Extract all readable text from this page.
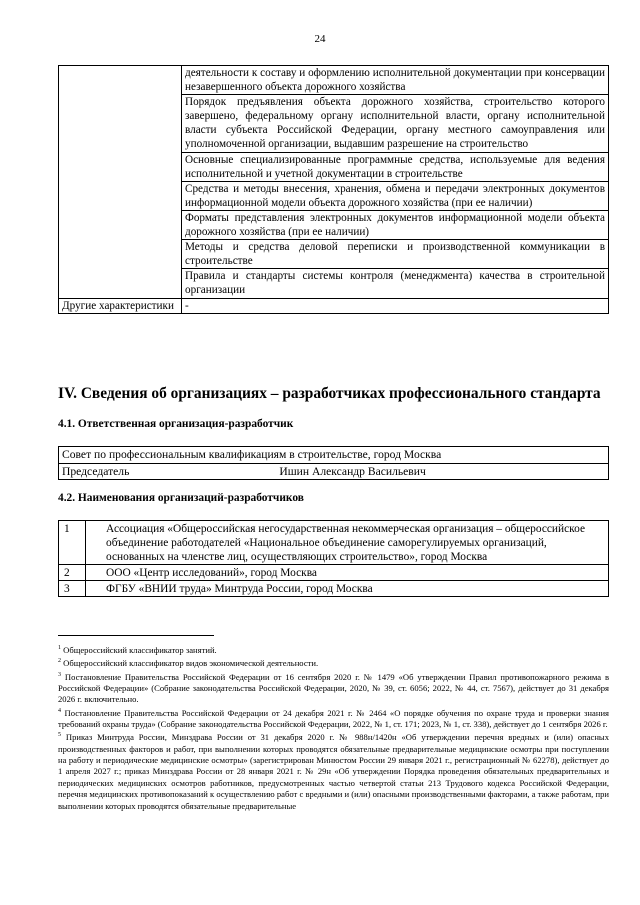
24
	деятельности к составу и оформлению исполнительной документации при консервации незавершенного объекта дорожного хозяйства
	Порядок предъявления объекта дорожного хозяйства, строительство которого завершено, федеральному органу исполнительной власти, органу исполнительной власти субъекта Российской Федерации, органу местного самоуправления или уполномоченной организации, выдавшим разрешение на строительство
	Основные специализированные программные средства, используемые для ведения исполнительной и учетной документации в строительстве
	Средства и методы внесения, хранения, обмена и передачи электронных документов информационной модели объекта дорожного хозяйства (при ее наличии)
	Форматы представления электронных документов информационной модели объекта дорожного хозяйства (при ее наличии)
	Методы и средства деловой переписки и производственной коммуникации в строительстве
	Правила и стандарты системы контроля (менеджмента) качества в строительной организации
Другие характеристики	-
IV. Сведения об организациях – разработчиках профессионального стандарта
4.1. Ответственная организация-разработчик
Совет по профессиональным квалификациям в строительстве, город Москва
Председатель	Ишин Александр Васильевич
4.2. Наименования организаций-разработчиков
1	Ассоциация «Общероссийская негосударственная некоммерческая организация – общероссийское объединение работодателей «Национальное объединение саморегулируемых организаций, основанных на членстве лиц, осуществляющих строительство», город Москва
2	ООО «Центр исследований», город Москва
3	ФГБУ «ВНИИ труда» Минтруда России, город Москва

$^1$ Общероссийский классификатор занятий.

$^2$ Общероссийский классификатор видов экономической деятельности.

$^3$ Постановление Правительства Российской Федерации от 16 сентября 2020 г. № 1479 «Об утверждении Правил противопожарного режима в Российской Федерации» (Собрание законодательства Российской Федерации, 2020, № 39, ст. 6056; 2022, № 44, ст. 7567), действует до 31 декабря 2026 г. включительно.

$^4$ Постановление Правительства Российской Федерации от 24 декабря 2021 г. № 2464 «О порядке обучения по охране труда и проверки знания требований охраны труда» (Собрание законодательства Российской Федерации, 2022, № 1, ст. 171; 2023, № 1, ст. 338), действует до 1 сентября 2026 г.

$^5$ Приказ Минтруда России, Минздрава России от 31 декабря 2020 г. № 988н/1420н «Об утверждении перечня вредных и (или) опасных производственных факторов и работ, при выполнении которых проводятся обязательные предварительные медицинские осмотры при поступлении на работу и периодические медицинские осмотры» (зарегистрирован Минюстом России 29 января 2021 г., регистрационный № 62278), действует до 1 апреля 2027 г.; приказ Минздрава России от 28 января 2021 г. № 29н «Об утверждении Порядка проведения обязательных предварительных и периодических медицинских осмотров работников, предусмотренных частью четвертой статьи 213 Трудового кодекса Российской Федерации, перечня медицинских противопоказаний к осуществлению работ с вредными и (или) опасными производственными факторами, а также работам, при выполнении которых проводятся обязательные предварительные
